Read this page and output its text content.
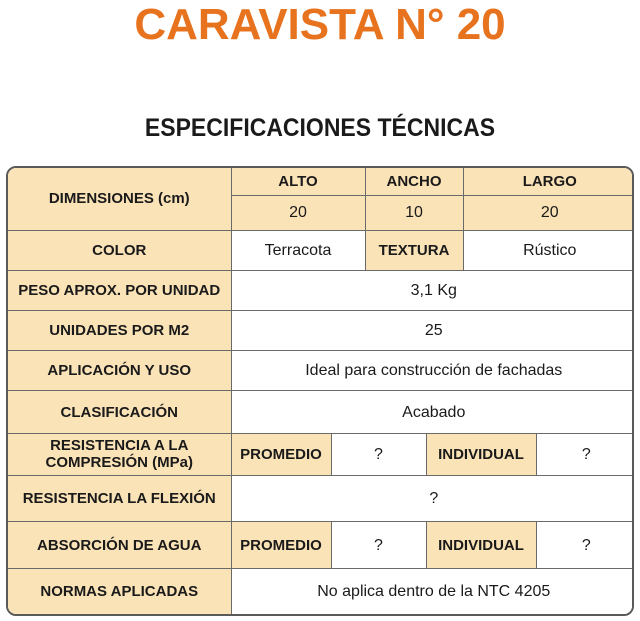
CARAVISTA N° 20
ESPECIFICACIONES TÉCNICAS
DIMENSIONES (cm)	ALTO		ANCHO		LARGO	
	20		10		20	
COLOR	Terracota		TEXTURA		Rústico	
PESO APROX. POR UNIDAD	3,1 Kg					
UNIDADES POR M2	25					
APLICACIÓN Y USO	Ideal para construcción de fachadas					
CLASIFICACIÓN	Acabado					
RESISTENCIA A LA
COMPRESIÓN (MPa)	PROMEDIO	?		INDIVIDUAL		?
RESISTENCIA LA FLEXIÓN	?					
ABSORCIÓN DE AGUA	PROMEDIO	?		INDIVIDUAL		?
NORMAS APLICADAS	No aplica dentro de la NTC 4205					
